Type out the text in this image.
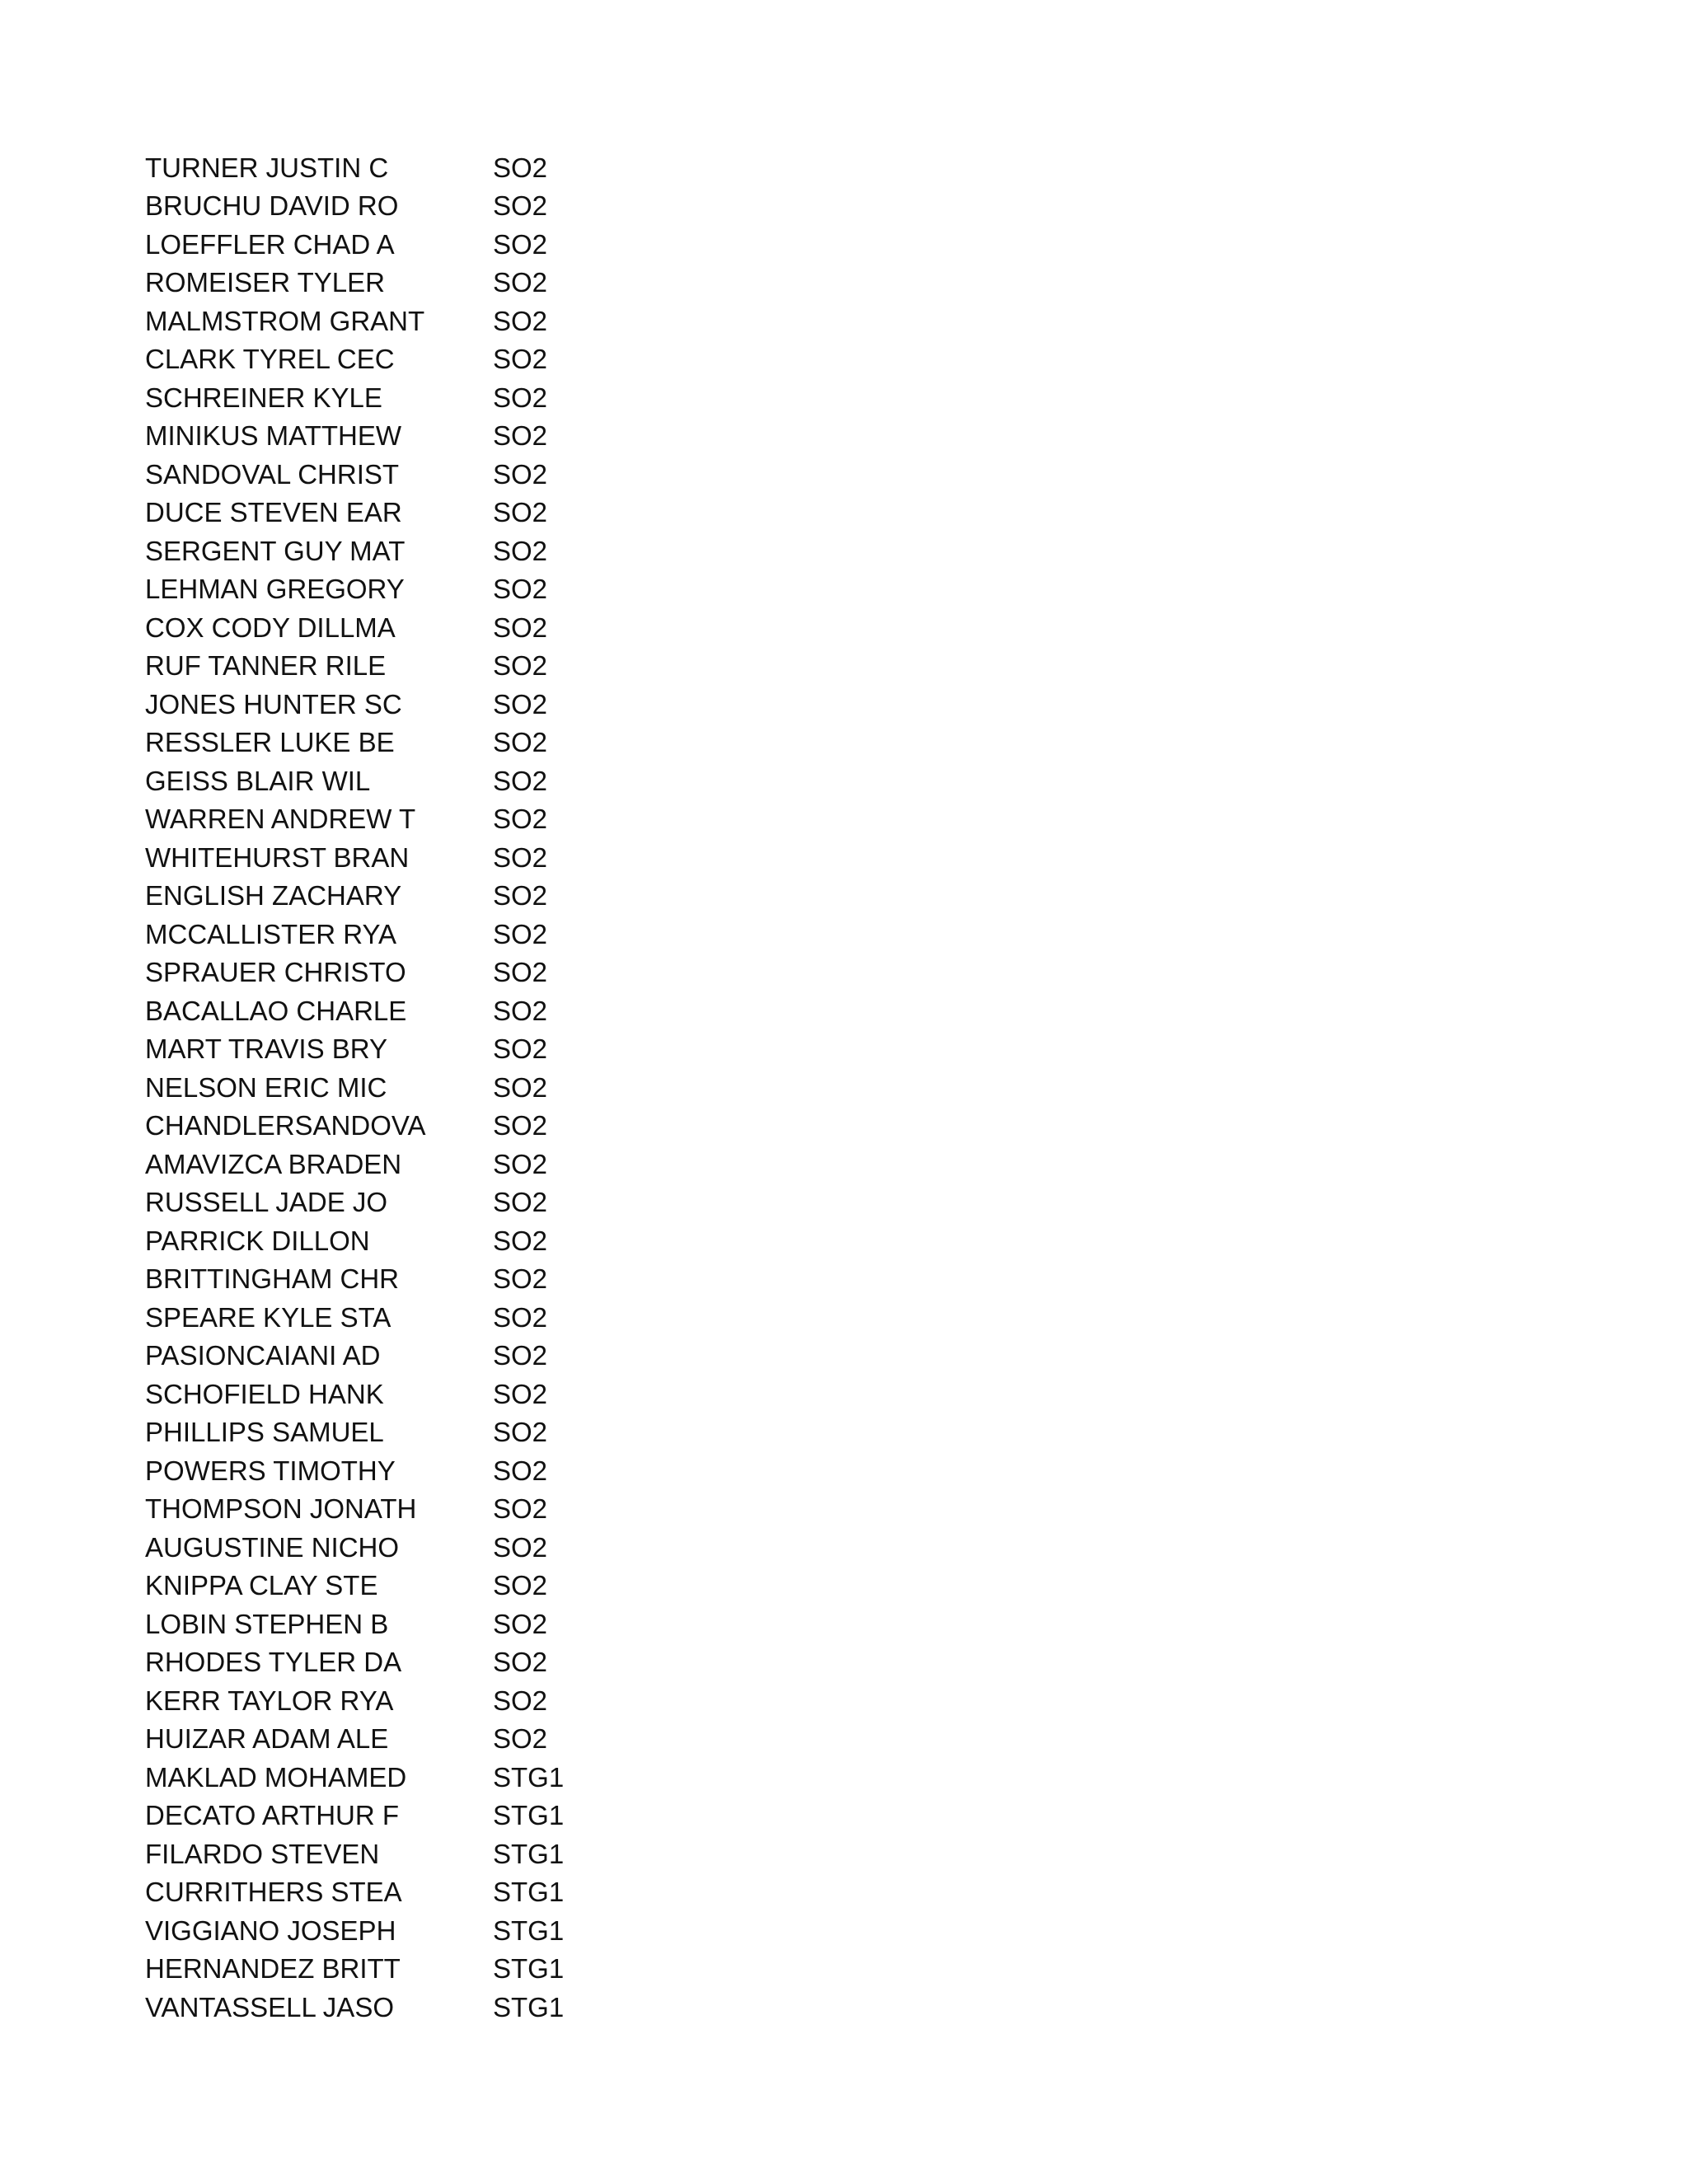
TURNER JUSTIN C	SO2
BRUCHU DAVID RO	SO2
LOEFFLER CHAD A	SO2
ROMEISER TYLER	SO2
MALMSTROM GRANT	SO2
CLARK TYREL CEC	SO2
SCHREINER KYLE	SO2
MINIKUS MATTHEW	SO2
SANDOVAL CHRIST	SO2
DUCE STEVEN EAR	SO2
SERGENT GUY MAT	SO2
LEHMAN GREGORY	SO2
COX CODY DILLMA	SO2
RUF TANNER RILE	SO2
JONES HUNTER SC	SO2
RESSLER LUKE BE	SO2
GEISS BLAIR WIL	SO2
WARREN ANDREW T	SO2
WHITEHURST BRAN	SO2
ENGLISH ZACHARY	SO2
MCCALLISTER RYA	SO2
SPRAUER CHRISTO	SO2
BACALLAO CHARLE	SO2
MART TRAVIS BRY	SO2
NELSON ERIC MIC	SO2
CHANDLERSANDOVA	SO2
AMAVIZCA BRADEN	SO2
RUSSELL JADE JO	SO2
PARRICK DILLON	SO2
BRITTINGHAM CHR	SO2
SPEARE KYLE STA	SO2
PASIONCAIANI AD	SO2
SCHOFIELD HANK	SO2
PHILLIPS SAMUEL	SO2
POWERS TIMOTHY	SO2
THOMPSON JONATH	SO2
AUGUSTINE NICHO	SO2
KNIPPA CLAY STE	SO2
LOBIN STEPHEN B	SO2
RHODES TYLER DA	SO2
KERR TAYLOR RYA	SO2
HUIZAR ADAM ALE	SO2
MAKLAD MOHAMED	STG1
DECATO ARTHUR F	STG1
FILARDO STEVEN	STG1
CURRITHERS STEA	STG1
VIGGIANO JOSEPH	STG1
HERNANDEZ BRITT	STG1
VANTASSELL JASO	STG1
